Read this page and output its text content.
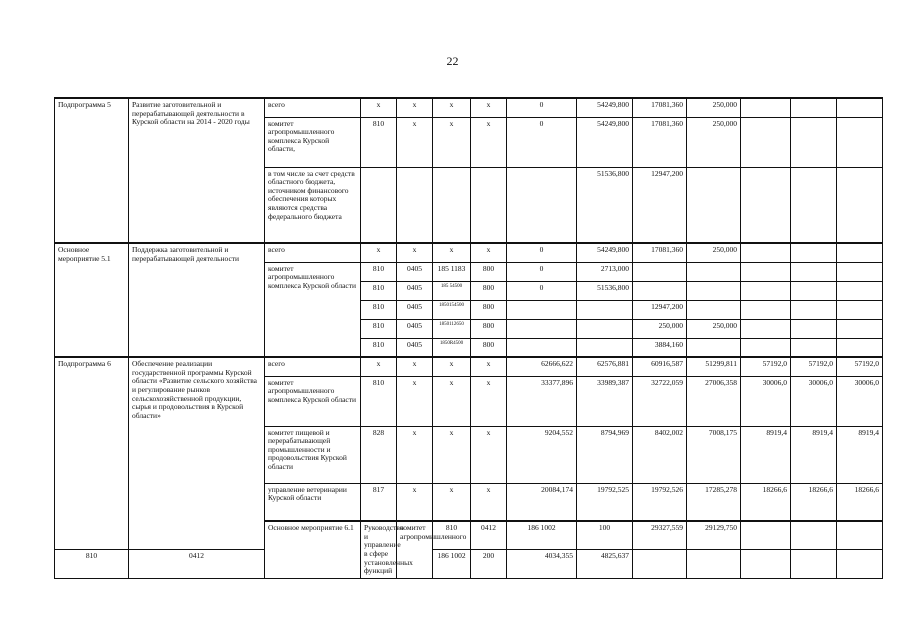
22
Подпрограмма 5	Развитие заготовительной и перерабатывающей деятельности в Курской области на 2014 - 2020 годы	всего	x	x	x	x	0	54249,800	17081,360	250,000				
		комитет агропромышленного комплекса Курской области,	810	x	x	x	0	54249,800	17081,360	250,000				
		в том числе за счет средств областного бюджета, источником финансового обеспечения которых являются средства федерального бюджета						51536,800	12947,200					
Основное мероприятие 5.1	Поддержка заготовительной и перерабатывающей деятельности	всего	x	x	x	x	0	54249,800	17081,360	250,000				
		комитет агропромышленного комплекса Курской области	810	0405	185 1183	800	0	2713,000						
			810	0405	185 54500	800	0	51536,800						
			810	0405	1850154500	800			12947,200					
			810	0405	1850112650	800			250,000	250,000				
			810	0405	1850R4500	800			3884,160					
Подпрограмма 6	Обеспечение реализации государственной программы Курской области «Развитие сельского хозяйства и регулирование рынков сельскохозяйственной продукции, сырья и продовольствия в Курской области»	всего	x	x	x	x	62666,622	62576,881	60916,587	51299,811	57192,0	57192,0	57192,0	
		комитет агропромышленного комплекса Курской области	810	x	x	x	33377,896	33989,387	32722,059	27006,358	30006,0	30006,0	30006,0	
		комитет пищевой и перерабатывающей промышленности и продовольствия Курской области	828	x	x	x	9204,552	8794,969	8402,002	7008,175	8919,4	8919,4	8919,4	
		управление ветеринарии Курской области	817	x	x	x	20084,174	19792,525	19792,526	17285,278	18266,6	18266,6	18266,6	
		Основное мероприятие 6.1	Руководство и управление в сфере установленных функций	комитет агропромышленного	810	0412	186 1002	100	29327,559	29129,750					
810	0412				186 1002	200	4034,355	4825,637						
